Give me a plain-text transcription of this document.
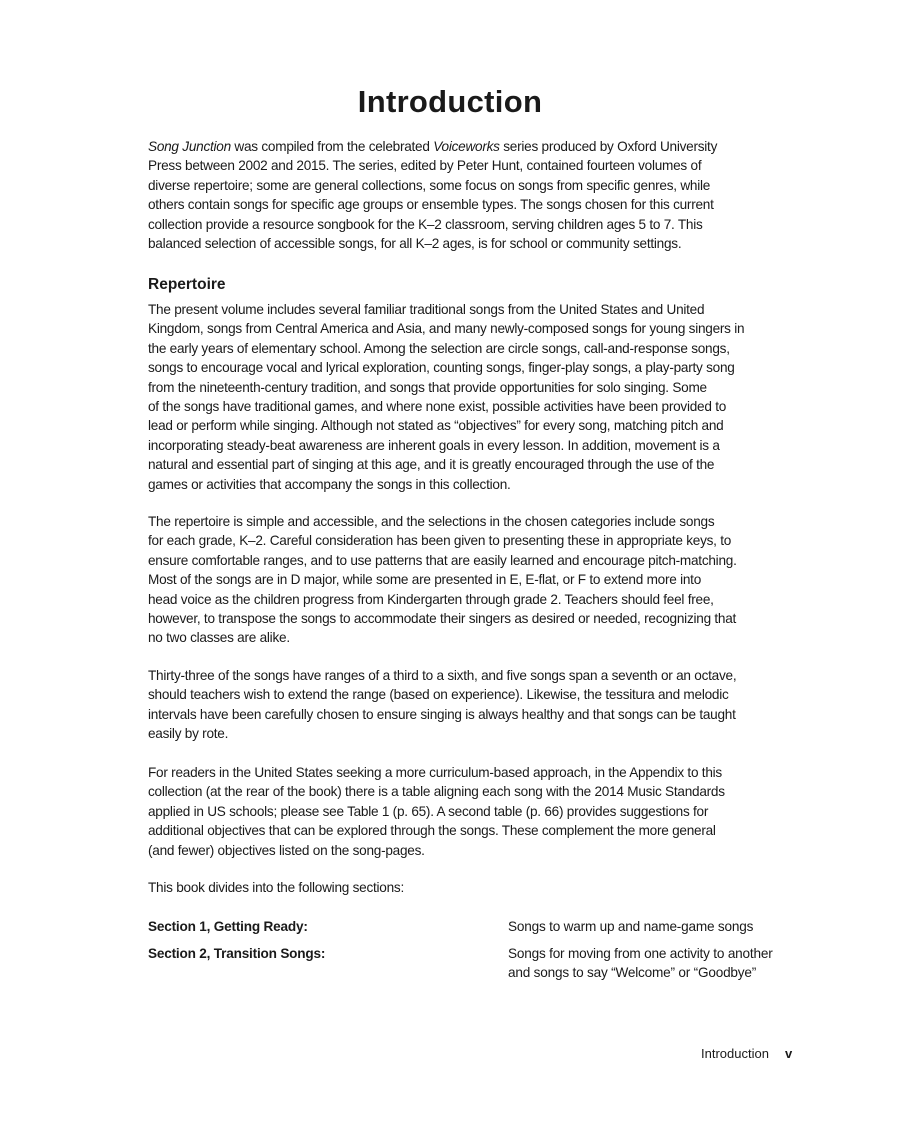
Introduction
Song Junction was compiled from the celebrated Voiceworks series produced by Oxford University
Press between 2002 and 2015. The series, edited by Peter Hunt, contained fourteen volumes of
diverse repertoire; some are general collections, some focus on songs from specific genres, while
others contain songs for specific age groups or ensemble types. The songs chosen for this current
collection provide a resource songbook for the K–2 classroom, serving children ages 5 to 7. This
balanced selection of accessible songs, for all K–2 ages, is for school or community settings.
Repertoire
The present volume includes several familiar traditional songs from the United States and United
Kingdom, songs from Central America and Asia, and many newly-composed songs for young singers in
the early years of elementary school. Among the selection are circle songs, call-and-response songs,
songs to encourage vocal and lyrical exploration, counting songs, finger-play songs, a play-party song
from the nineteenth-century tradition, and songs that provide opportunities for solo singing. Some
of the songs have traditional games, and where none exist, possible activities have been provided to
lead or perform while singing. Although not stated as “objectives” for every song, matching pitch and
incorporating steady-beat awareness are inherent goals in every lesson. In addition, movement is a
natural and essential part of singing at this age, and it is greatly encouraged through the use of the
games or activities that accompany the songs in this collection.
The repertoire is simple and accessible, and the selections in the chosen categories include songs
for each grade, K–2. Careful consideration has been given to presenting these in appropriate keys, to
ensure comfortable ranges, and to use patterns that are easily learned and encourage pitch-matching.
Most of the songs are in D major, while some are presented in E, E-flat, or F to extend more into
head voice as the children progress from Kindergarten through grade 2. Teachers should feel free,
however, to transpose the songs to accommodate their singers as desired or needed, recognizing that
no two classes are alike.
Thirty-three of the songs have ranges of a third to a sixth, and five songs span a seventh or an octave,
should teachers wish to extend the range (based on experience). Likewise, the tessitura and melodic
intervals have been carefully chosen to ensure singing is always healthy and that songs can be taught
easily by rote.
For readers in the United States seeking a more curriculum-based approach, in the Appendix to this
collection (at the rear of the book) there is a table aligning each song with the 2014 Music Standards
applied in US schools; please see Table 1 (p. 65). A second table (p. 66) provides suggestions for
additional objectives that can be explored through the songs. These complement the more general
(and fewer) objectives listed on the song-pages.
This book divides into the following sections:
Section 1, Getting Ready:	Songs to warm up and name-game songs
Section 2, Transition Songs:	Songs for moving from one activity to another and songs to say “Welcome” or “Goodbye”
Introduction v
